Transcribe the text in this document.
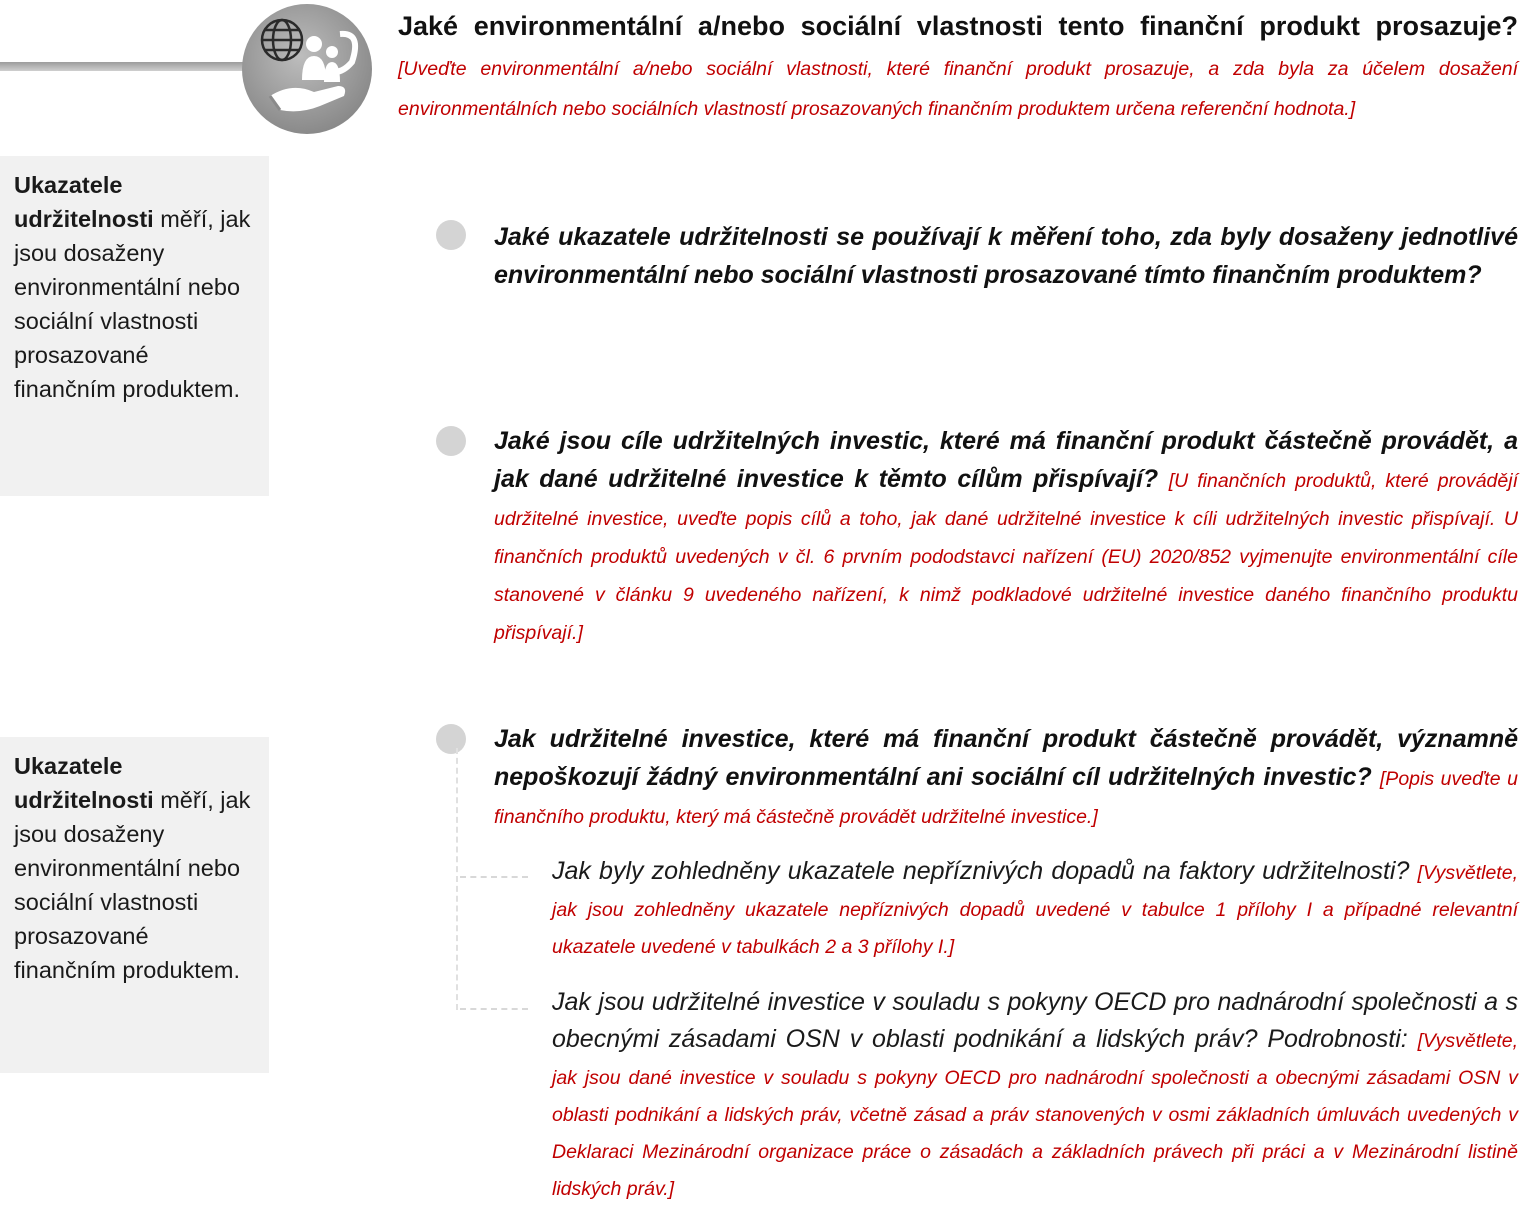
Jaké environmentální a/nebo sociální vlastnosti tento finanční produkt prosazuje? [Uveďte environmentální a/nebo sociální vlastnosti, které finanční produkt prosazuje, a zda byla za účelem dosažení environmentálních nebo sociálních vlastností prosazovaných finančním produktem určena referenční hodnota.]
Ukazatele udržitelnosti měří, jak jsou dosaženy environmentální nebo sociální vlastnosti prosazované finančním produktem.
Ukazatele udržitelnosti měří, jak jsou dosaženy environmentální nebo sociální vlastnosti prosazované finančním produktem.
Jaké ukazatele udržitelnosti se používají k měření toho, zda byly dosaženy jednotlivé environmentální nebo sociální vlastnosti prosazované tímto finančním produktem?
Jaké jsou cíle udržitelných investic, které má finanční produkt částečně provádět, a jak dané udržitelné investice k těmto cílům přispívají? [U finančních produktů, které provádějí udržitelné investice, uveďte popis cílů a toho, jak dané udržitelné investice k cíli udržitelných investic přispívají. U finančních produktů uvedených v čl. 6 prvním pododstavci nařízení (EU) 2020/852 vyjmenujte environmentální cíle stanovené v článku 9 uvedeného nařízení, k nimž podkladové udržitelné investice daného finančního produktu přispívají.]
Jak udržitelné investice, které má finanční produkt částečně provádět, významně nepoškozují žádný environmentální ani sociální cíl udržitelných investic? [Popis uveďte u finančního produktu, který má částečně provádět udržitelné investice.]
Jak byly zohledněny ukazatele nepříznivých dopadů na faktory udržitelnosti? [Vysvětlete, jak jsou zohledněny ukazatele nepříznivých dopadů uvedené v tabulce 1 přílohy I a případné relevantní ukazatele uvedené v tabulkách 2 a 3 přílohy I.]
Jak jsou udržitelné investice v souladu s pokyny OECD pro nadnárodní společnosti a s obecnými zásadami OSN v oblasti podnikání a lidských práv? Podrobnosti: [Vysvětlete, jak jsou dané investice v souladu s pokyny OECD pro nadnárodní společnosti a obecnými zásadami OSN v oblasti podnikání a lidských práv, včetně zásad a práv stanovených v osmi základních úmluvách uvedených v Deklaraci Mezinárodní organizace práce o zásadách a základních právech při práci a v Mezinárodní listině lidských práv.]
